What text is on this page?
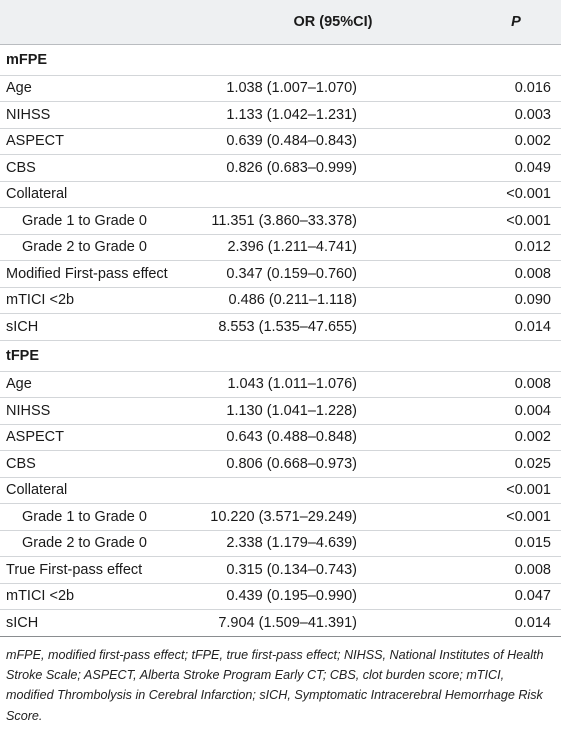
	OR (95%CI)	P
mFPE		
Age	1.038 (1.007–1.070)	0.016
NIHSS	1.133 (1.042–1.231)	0.003
ASPECT	0.639 (0.484–0.843)	0.002
CBS	0.826 (0.683–0.999)	0.049
Collateral		<0.001
Grade 1 to Grade 0	11.351 (3.860–33.378)	<0.001
Grade 2 to Grade 0	2.396 (1.211–4.741)	0.012
Modified First-pass effect	0.347 (0.159–0.760)	0.008
mTICI <2b	0.486 (0.211–1.118)	0.090
sICH	8.553 (1.535–47.655)	0.014
tFPE		
Age	1.043 (1.011–1.076)	0.008
NIHSS	1.130 (1.041–1.228)	0.004
ASPECT	0.643 (0.488–0.848)	0.002
CBS	0.806 (0.668–0.973)	0.025
Collateral		<0.001
Grade 1 to Grade 0	10.220 (3.571–29.249)	<0.001
Grade 2 to Grade 0	2.338 (1.179–4.639)	0.015
True First-pass effect	0.315 (0.134–0.743)	0.008
mTICI <2b	0.439 (0.195–0.990)	0.047
sICH	7.904 (1.509–41.391)	0.014

mFPE, modified first-pass effect; tFPE, true first-pass effect; NIHSS, National Institutes of Health Stroke Scale; ASPECT, Alberta Stroke Program Early CT; CBS, clot burden score; mTICI, modified Thrombolysis in Cerebral Infarction; sICH, Symptomatic Intracerebral Hemorrhage Risk Score.
